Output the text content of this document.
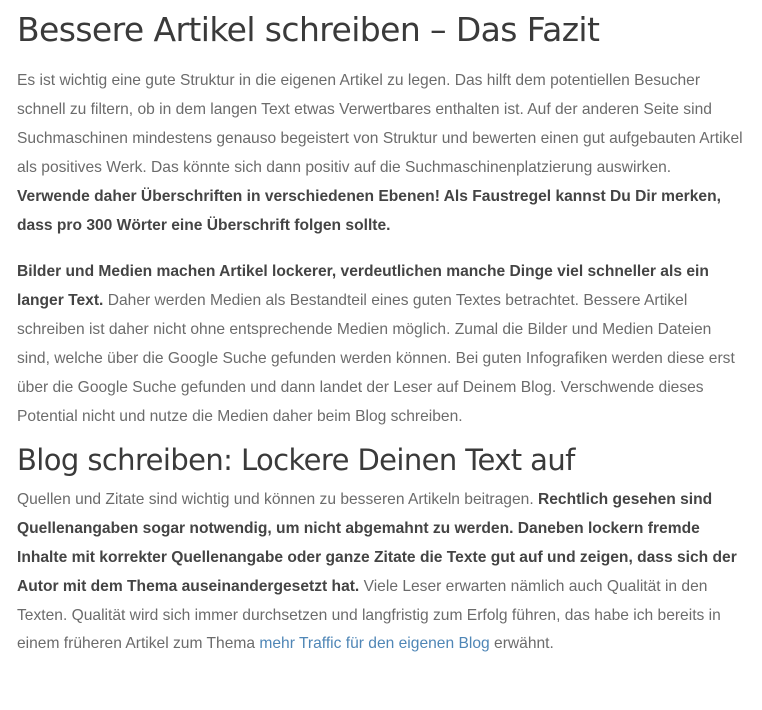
Bessere Artikel schreiben – Das Fazit

Es ist wichtig eine gute Struktur in die eigenen Artikel zu legen. Das hilft dem potentiellen Besucher schnell zu filtern, ob in dem langen Text etwas Verwertbares enthalten ist. Auf der anderen Seite sind Suchmaschinen mindestens genauso begeistert von Struktur und bewerten einen gut aufgebauten Artikel als positives Werk. Das könnte sich dann positiv auf die Suchmaschinenplatzierung auswirken. Verwende daher Überschriften in verschiedenen Ebenen! Als Faustregel kannst Du Dir merken, dass pro 300 Wörter eine Überschrift folgen sollte.

Bilder und Medien machen Artikel lockerer, verdeutlichen manche Dinge viel schneller als ein langer Text. Daher werden Medien als Bestandteil eines guten Textes betrachtet. Bessere Artikel schreiben ist daher nicht ohne entsprechende Medien möglich. Zumal die Bilder und Medien Dateien sind, welche über die Google Suche gefunden werden können. Bei guten Infografiken werden diese erst über die Google Suche gefunden und dann landet der Leser auf Deinem Blog. Verschwende dieses Potential nicht und nutze die Medien daher beim Blog schreiben.

Blog schreiben: Lockere Deinen Text auf

Quellen und Zitate sind wichtig und können zu besseren Artikeln beitragen. Rechtlich gesehen sind Quellenangaben sogar notwendig, um nicht abgemahnt zu werden. Daneben lockern fremde Inhalte mit korrekter Quellenangabe oder ganze Zitate die Texte gut auf und zeigen, dass sich der Autor mit dem Thema auseinandergesetzt hat. Viele Leser erwarten nämlich auch Qualität in den Texten. Qualität wird sich immer durchsetzen und langfristig zum Erfolg führen, das habe ich bereits in einem früheren Artikel zum Thema mehr Traffic für den eigenen Blog erwähnt.
